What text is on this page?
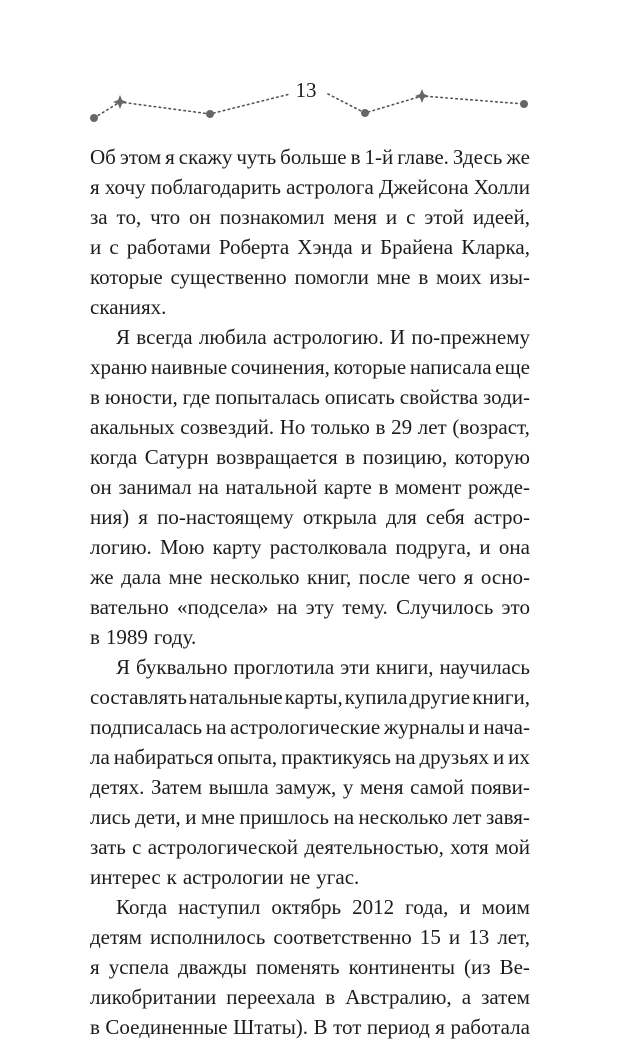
13
Об этом я скажу чуть больше в 1-й главе. Здесь же
я хочу поблагодарить астролога Джейсона Холли
за то, что он познакомил меня и с этой идеей,
и с работами Роберта Хэнда и Брайена Кларка,
которые существенно помогли мне в моих изы-
сканиях.
Я всегда любила астрологию. И по-прежнему
храню наивные сочинения, которые написала еще
в юности, где попыталась описать свойства зоди-
акальных созвездий. Но только в 29 лет (возраст,
когда Сатурн возвращается в позицию, которую
он занимал на натальной карте в момент рожде-
ния) я по-настоящему открыла для себя астро-
логию. Мою карту растолковала подруга, и она
же дала мне несколько книг, после чего я осно-
вательно «подсела» на эту тему. Случилось это
в 1989 году.
Я буквально проглотила эти книги, научилась
составлять натальные карты, купила другие книги,
подписалась на астрологические журналы и нача-
ла набираться опыта, практикуясь на друзьях и их
детях. Затем вышла замуж, у меня самой появи-
лись дети, и мне пришлось на несколько лет завя-
зать с астрологической деятельностью, хотя мой
интерес к астрологии не угас.
Когда наступил октябрь 2012 года, и моим
детям исполнилось соответственно 15 и 13 лет,
я успела дважды поменять континенты (из Ве-
ликобритании переехала в Австралию, а затем
в Соединенные Штаты). В тот период я работала
